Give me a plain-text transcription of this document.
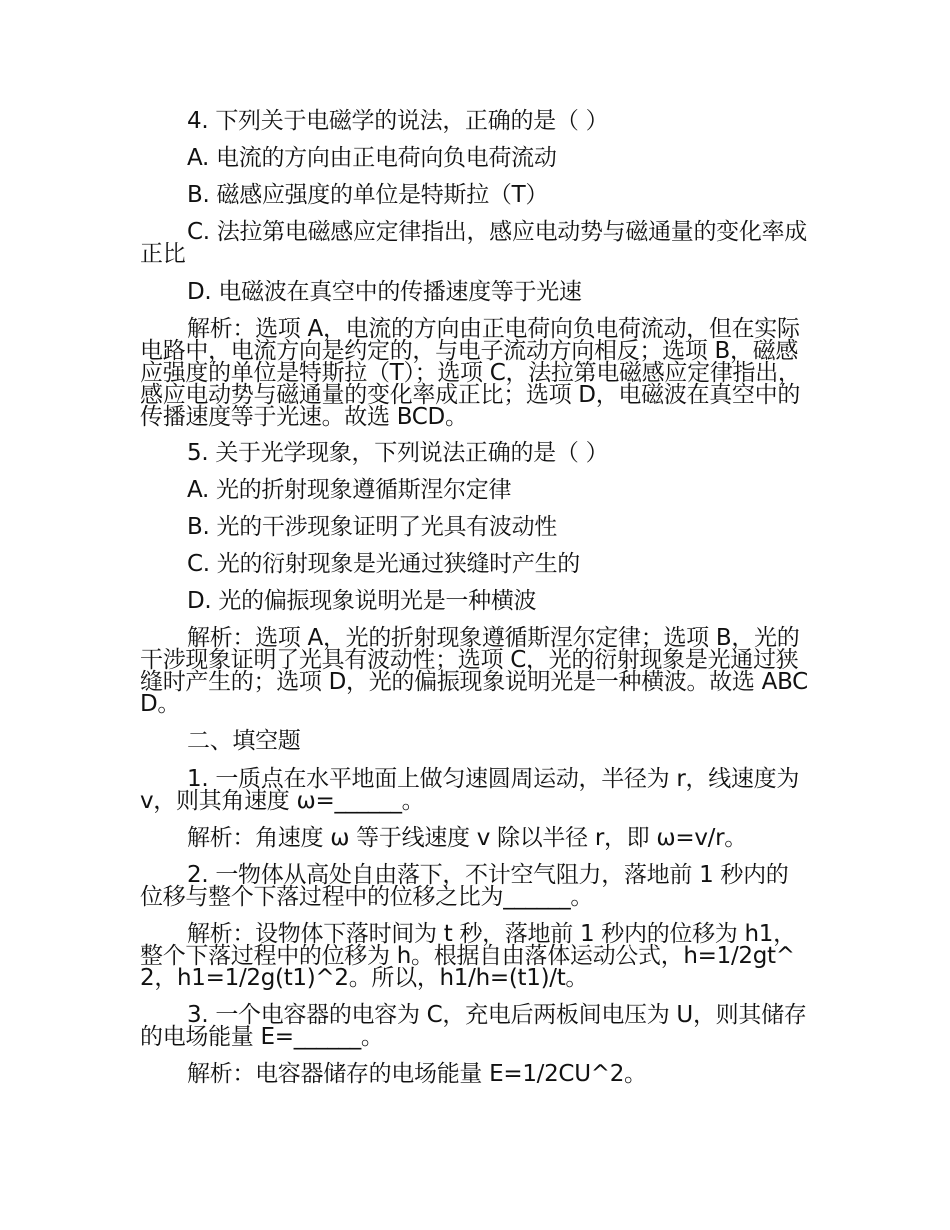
4. 下列关于电磁学的说法，正确的是（ ）

A. 电流的方向由正电荷向负电荷流动

B. 磁感应强度的单位是特斯拉（T）

C. 法拉第电磁感应定律指出，感应电动势与磁通量的变化率成正比

D. 电磁波在真空中的传播速度等于光速

解析：选项 A，电流的方向由正电荷向负电荷流动，但在实际电路中，电流方向是约定的，与电子流动方向相反；选项 B，磁感应强度的单位是特斯拉（T）；选项 C，法拉第电磁感应定律指出，感应电动势与磁通量的变化率成正比；选项 D，电磁波在真空中的传播速度等于光速。故选 BCD。

5. 关于光学现象，下列说法正确的是（ ）

A. 光的折射现象遵循斯涅尔定律

B. 光的干涉现象证明了光具有波动性

C. 光的衍射现象是光通过狭缝时产生的

D. 光的偏振现象说明光是一种横波

解析：选项 A，光的折射现象遵循斯涅尔定律；选项 B，光的干涉现象证明了光具有波动性；选项 C，光的衍射现象是光通过狭缝时产生的；选项 D，光的偏振现象说明光是一种横波。故选 ABCD。

二、填空题

1. 一质点在水平地面上做匀速圆周运动，半径为 r，线速度为 v，则其角速度 ω=______。

解析：角速度 ω 等于线速度 v 除以半径 r，即 ω=v/r。

2. 一物体从高处自由落下，不计空气阻力，落地前 1 秒内的位移与整个下落过程中的位移之比为______。

解析：设物体下落时间为 t 秒，落地前 1 秒内的位移为 h1，整个下落过程中的位移为 h。根据自由落体运动公式，h=1/2gt^2，h1=1/2g(t1)^2。所以，h1/h=(t1)/t。

3. 一个电容器的电容为 C，充电后两板间电压为 U，则其储存的电场能量 E=______。

解析：电容器储存的电场能量 E=1/2CU^2。
